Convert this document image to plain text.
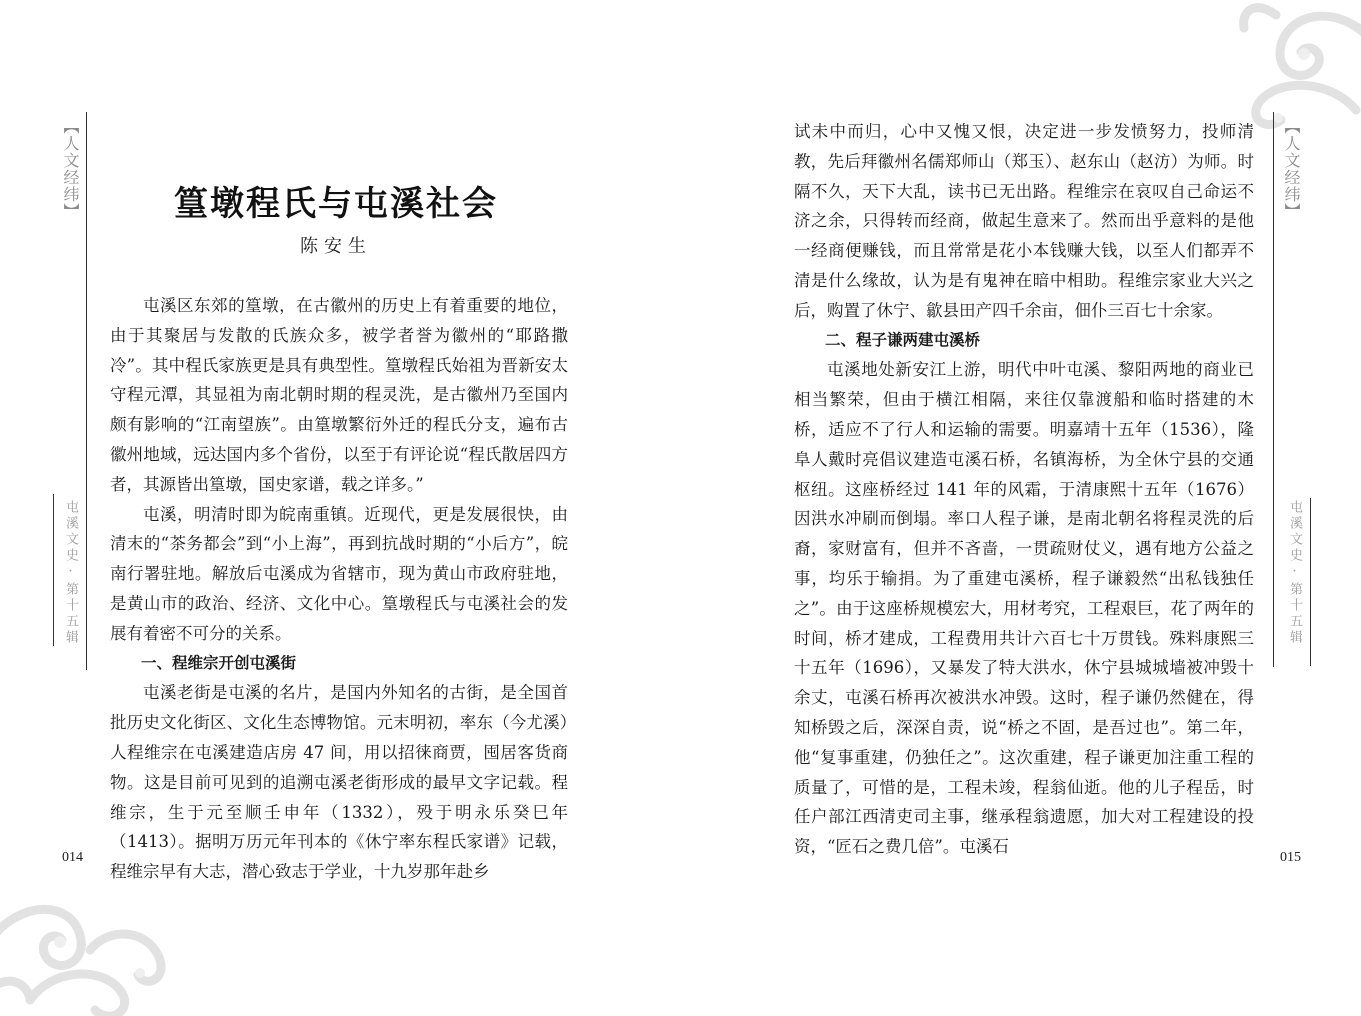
【人文经纬】
屯溪文史·第十五辑
014
篁墩程氏与屯溪社会
陈安生

屯溪区东郊的篁墩，在古徽州的历史上有着重要的地位，由于其聚居与发散的氏族众多，被学者誉为徽州的“耶路撒冷”。其中程氏家族更是具有典型性。篁墩程氏始祖为晋新安太守程元潭，其显祖为南北朝时期的程灵洗，是古徽州乃至国内颇有影响的“江南望族”。由篁墩繁衍外迁的程氏分支，遍布古徽州地域，远达国内多个省份，以至于有评论说“程氏散居四方者，其源皆出篁墩，国史家谱，载之详多。”

屯溪，明清时即为皖南重镇。近现代，更是发展很快，由清末的“茶务都会”到“小上海”，再到抗战时期的“小后方”，皖南行署驻地。解放后屯溪成为省辖市，现为黄山市政府驻地，是黄山市的政治、经济、文化中心。篁墩程氏与屯溪社会的发展有着密不可分的关系。

一、程维宗开创屯溪街

屯溪老街是屯溪的名片，是国内外知名的古街，是全国首批历史文化街区、文化生态博物馆。元末明初，率东（今尤溪）人程维宗在屯溪建造店房 47 间，用以招徕商贾，囤居客货商物。这是目前可见到的追溯屯溪老街形成的最早文字记载。程维宗，生于元至顺壬申年（1332），殁于明永乐癸巳年（1413）。据明万历元年刊本的《休宁率东程氏家谱》记载，程维宗早有大志，潜心致志于学业，十九岁那年赴乡

试未中而归，心中又愧又恨，决定进一步发愤努力，投师清教，先后拜徽州名儒郑师山（郑玉）、赵东山（赵汸）为师。时隔不久，天下大乱，读书已无出路。程维宗在哀叹自己命运不济之余，只得转而经商，做起生意来了。然而出乎意料的是他一经商便赚钱，而且常常是花小本钱赚大钱，以至人们都弄不清是什么缘故，认为是有鬼神在暗中相助。程维宗家业大兴之后，购置了休宁、歙县田产四千余亩，佃仆三百七十余家。

二、程子谦两建屯溪桥

屯溪地处新安江上游，明代中叶屯溪、黎阳两地的商业已相当繁荣，但由于横江相隔，来往仅靠渡船和临时搭建的木桥，适应不了行人和运输的需要。明嘉靖十五年（1536），隆阜人戴时亮倡议建造屯溪石桥，名镇海桥，为全休宁县的交通枢纽。这座桥经过 141 年的风霜，于清康熙十五年（1676）因洪水冲刷而倒塌。率口人程子谦，是南北朝名将程灵洗的后裔，家财富有，但并不吝啬，一贯疏财仗义，遇有地方公益之事，均乐于输捐。为了重建屯溪桥，程子谦毅然“出私钱独任之”。由于这座桥规模宏大，用材考究，工程艰巨，花了两年的时间，桥才建成，工程费用共计六百七十万贯钱。殊料康熙三十五年（1696），又暴发了特大洪水，休宁县城城墙被冲毁十余丈，屯溪石桥再次被洪水冲毁。这时，程子谦仍然健在，得知桥毁之后，深深自责，说“桥之不固，是吾过也”。第二年，他“复事重建，仍独任之”。这次重建，程子谦更加注重工程的质量了，可惜的是，工程未竣，程翁仙逝。他的儿子程岳，时任户部江西清吏司主事，继承程翁遗愿，加大对工程建设的投资，“匠石之费几倍”。屯溪石

【人文经纬】
屯溪文史·第十五辑
015
